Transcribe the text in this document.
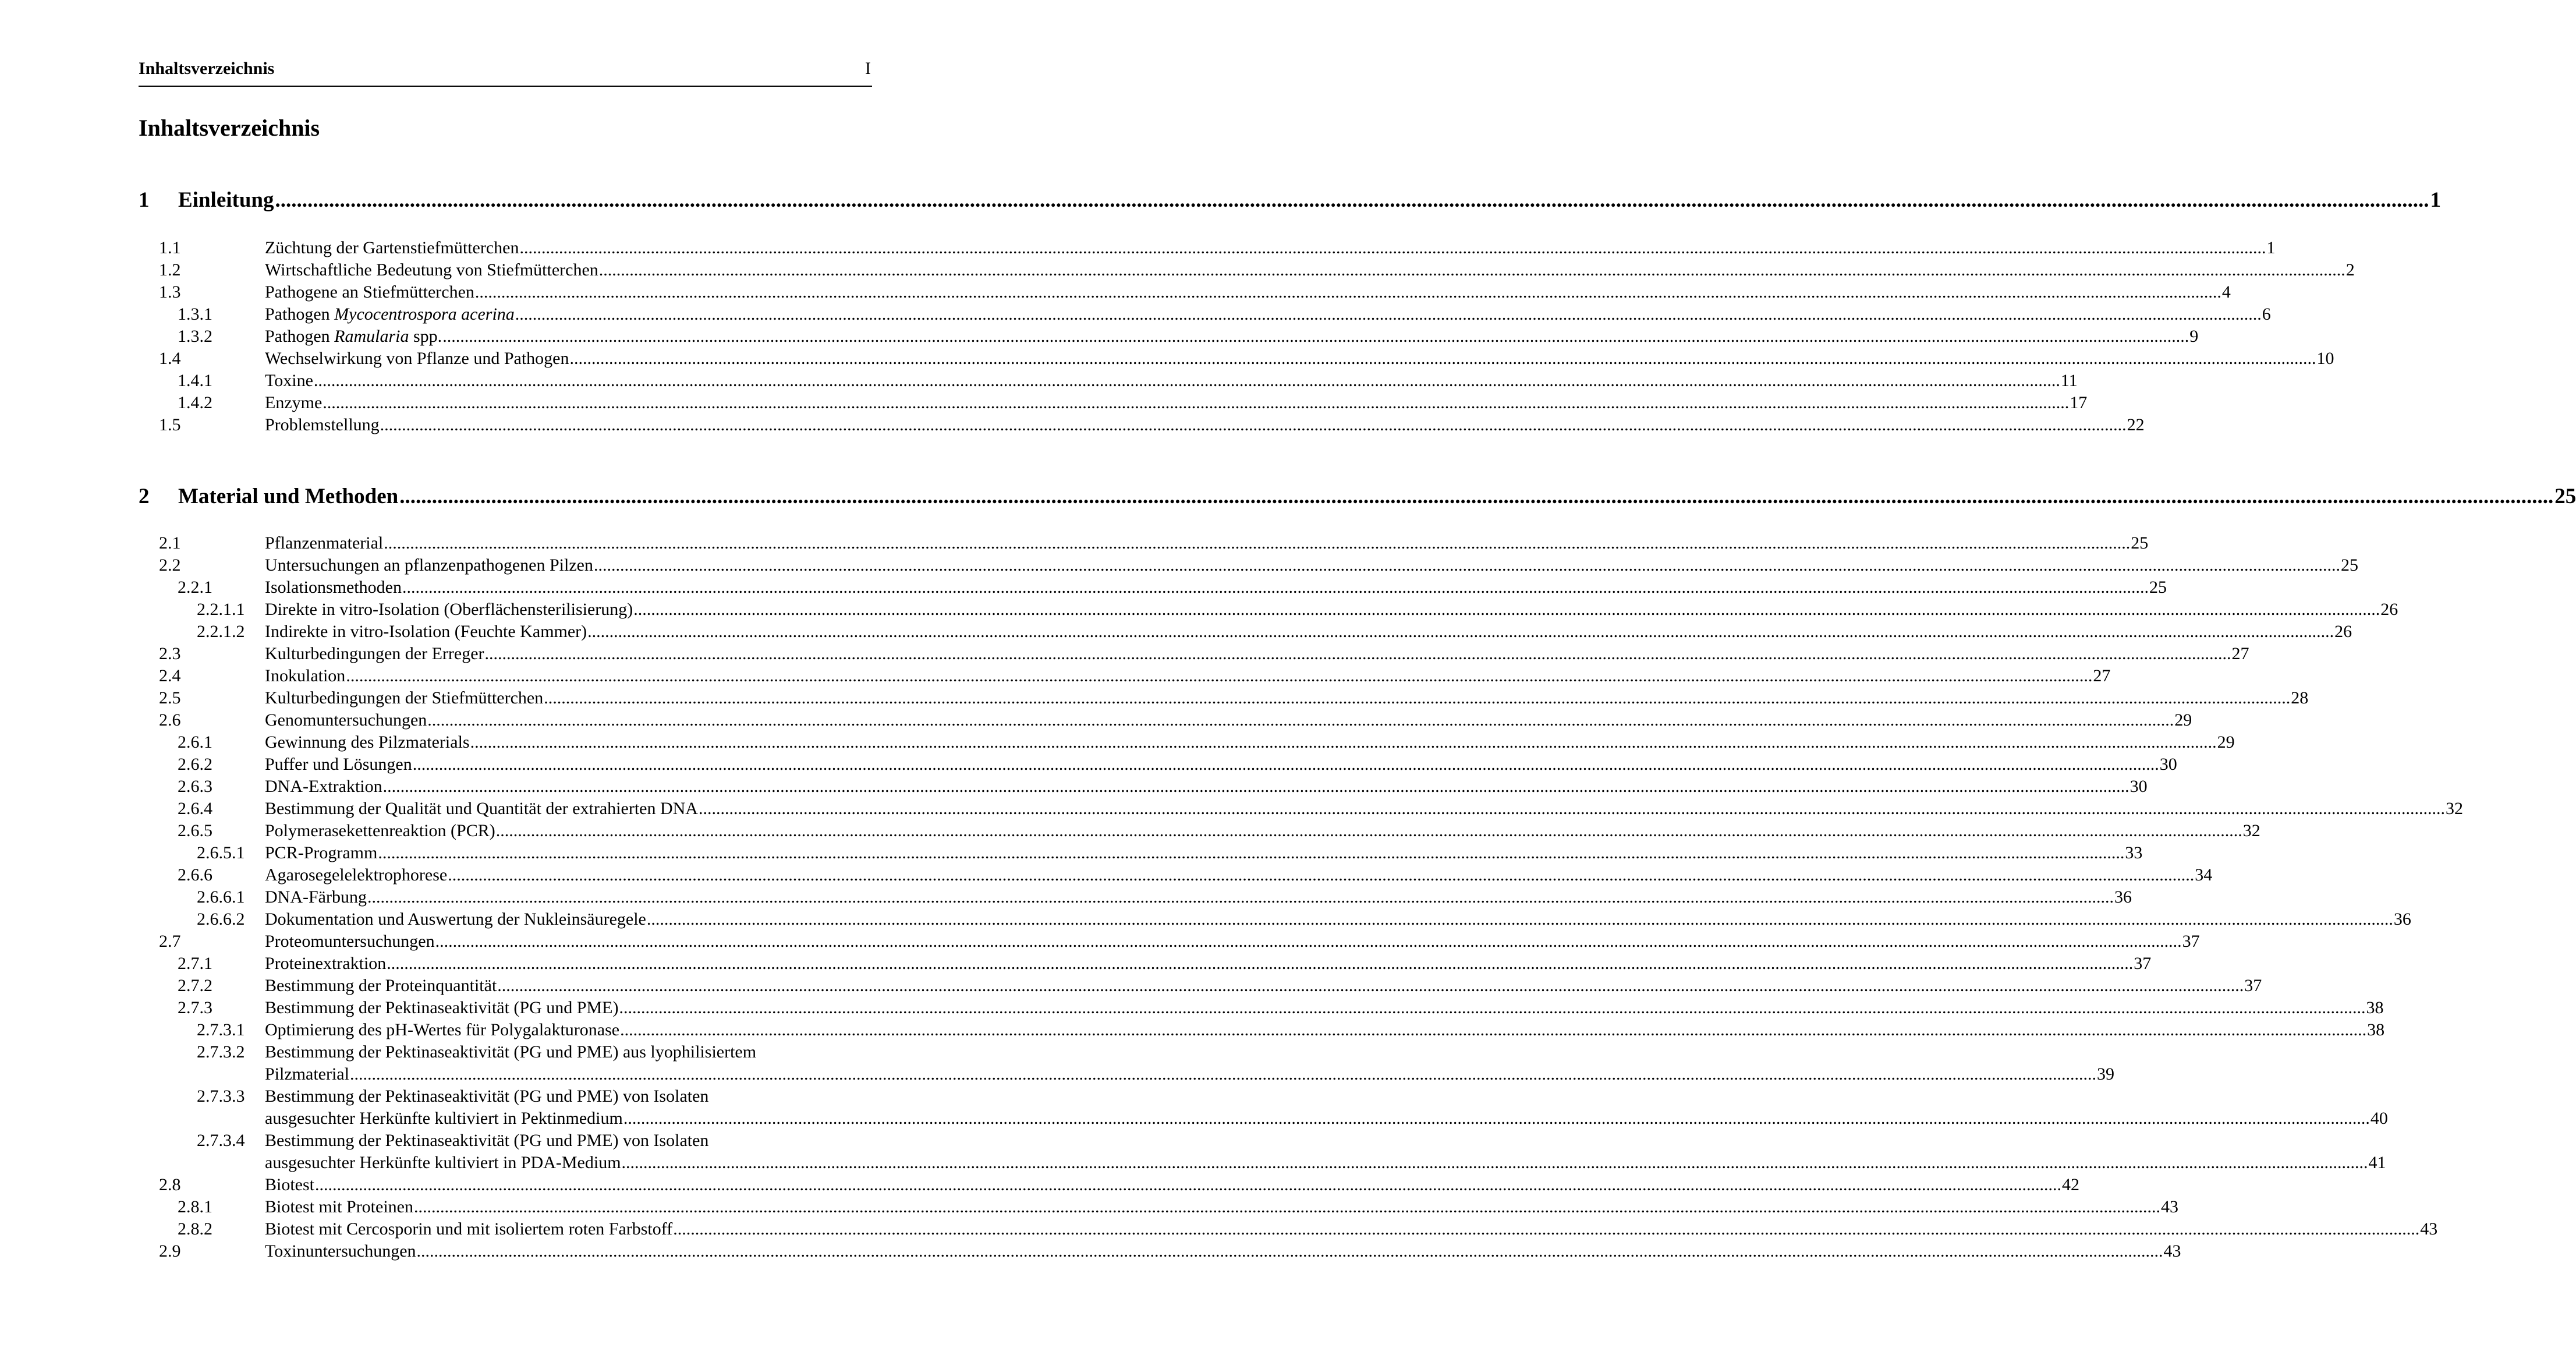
Inhaltsverzeichnis	I
Inhaltsverzeichnis
1	Einleitung ................................................................................................................................................................................................................................................................................................................................................................................................................ 1
1.1	Züchtung der Gartenstiefmütterchen ................................................................................................................................................................................................................................................................................................................................................................................................................ 1
1.2	Wirtschaftliche Bedeutung von Stiefmütterchen ................................................................................................................................................................................................................................................................................................................................................................................................................ 2
1.3	Pathogene an Stiefmütterchen ................................................................................................................................................................................................................................................................................................................................................................................................................ 4
1.3.1	Pathogen Mycocentrospora acerina ................................................................................................................................................................................................................................................................................................................................................................................................................ 6
1.3.2	Pathogen Ramularia spp. ................................................................................................................................................................................................................................................................................................................................................................................................................ 9
1.4	Wechselwirkung von Pflanze und Pathogen ................................................................................................................................................................................................................................................................................................................................................................................................................ 10
1.4.1	Toxine ................................................................................................................................................................................................................................................................................................................................................................................................................ 11
1.4.2	Enzyme ................................................................................................................................................................................................................................................................................................................................................................................................................ 17
1.5	Problemstellung ................................................................................................................................................................................................................................................................................................................................................................................................................ 22
2	Material und Methoden ................................................................................................................................................................................................................................................................................................................................................................................................................ 25
2.1	Pflanzenmaterial ................................................................................................................................................................................................................................................................................................................................................................................................................ 25
2.2	Untersuchungen an pflanzenpathogenen Pilzen ................................................................................................................................................................................................................................................................................................................................................................................................................ 25
2.2.1	Isolationsmethoden ................................................................................................................................................................................................................................................................................................................................................................................................................ 25
2.2.1.1 Direkte in vitro-Isolation (Oberflächensterilisierung) ................................................................................................................................................................................................................................................................................................................................................................................................................ 26
2.2.1.2 Indirekte in vitro-Isolation (Feuchte Kammer) ................................................................................................................................................................................................................................................................................................................................................................................................................ 26
2.3	Kulturbedingungen der Erreger ................................................................................................................................................................................................................................................................................................................................................................................................................ 27
2.4	Inokulation ................................................................................................................................................................................................................................................................................................................................................................................................................ 27
2.5	Kulturbedingungen der Stiefmütterchen ................................................................................................................................................................................................................................................................................................................................................................................................................ 28
2.6	Genomuntersuchungen ................................................................................................................................................................................................................................................................................................................................................................................................................ 29
2.6.1	Gewinnung des Pilzmaterials ................................................................................................................................................................................................................................................................................................................................................................................................................ 29
2.6.2	Puffer und Lösungen ................................................................................................................................................................................................................................................................................................................................................................................................................ 30
2.6.3	DNA-Extraktion ................................................................................................................................................................................................................................................................................................................................................................................................................ 30
2.6.4	Bestimmung der Qualität und Quantität der extrahierten DNA ................................................................................................................................................................................................................................................................................................................................................................................................................ 32
2.6.5	Polymerasekettenreaktion (PCR) ................................................................................................................................................................................................................................................................................................................................................................................................................ 32
2.6.5.1 PCR-Programm ................................................................................................................................................................................................................................................................................................................................................................................................................ 33
2.6.6	Agarosegelelektrophorese ................................................................................................................................................................................................................................................................................................................................................................................................................ 34
2.6.6.1 DNA-Färbung ................................................................................................................................................................................................................................................................................................................................................................................................................ 36
2.6.6.2 Dokumentation und Auswertung der Nukleinsäuregele ................................................................................................................................................................................................................................................................................................................................................................................................................ 36
2.7	Proteomuntersuchungen ................................................................................................................................................................................................................................................................................................................................................................................................................ 37
2.7.1	Proteinextraktion ................................................................................................................................................................................................................................................................................................................................................................................................................ 37
2.7.2	Bestimmung der Proteinquantität ................................................................................................................................................................................................................................................................................................................................................................................................................ 37
2.7.3	Bestimmung der Pektinaseaktivität (PG und PME) ................................................................................................................................................................................................................................................................................................................................................................................................................ 38
2.7.3.1 Optimierung des pH-Wertes für Polygalakturonase ................................................................................................................................................................................................................................................................................................................................................................................................................ 38
2.7.3.2 Bestimmung der Pektinaseaktivität (PG und PME) aus lyophilisiertem
Pilzmaterial ................................................................................................................................................................................................................................................................................................................................................................................................................ 39
2.7.3.3 Bestimmung der Pektinaseaktivität (PG und PME) von Isolaten
ausgesuchter Herkünfte kultiviert in Pektinmedium ................................................................................................................................................................................................................................................................................................................................................................................................................ 40
2.7.3.4 Bestimmung der Pektinaseaktivität (PG und PME) von Isolaten
ausgesuchter Herkünfte kultiviert in PDA-Medium ................................................................................................................................................................................................................................................................................................................................................................................................................ 41
2.8	Biotest ................................................................................................................................................................................................................................................................................................................................................................................................................ 42
2.8.1	Biotest mit Proteinen ................................................................................................................................................................................................................................................................................................................................................................................................................ 43
2.8.2	Biotest mit Cercosporin und mit isoliertem roten Farbstoff ................................................................................................................................................................................................................................................................................................................................................................................................................ 43
2.9	Toxinuntersuchungen ................................................................................................................................................................................................................................................................................................................................................................................................................ 43
